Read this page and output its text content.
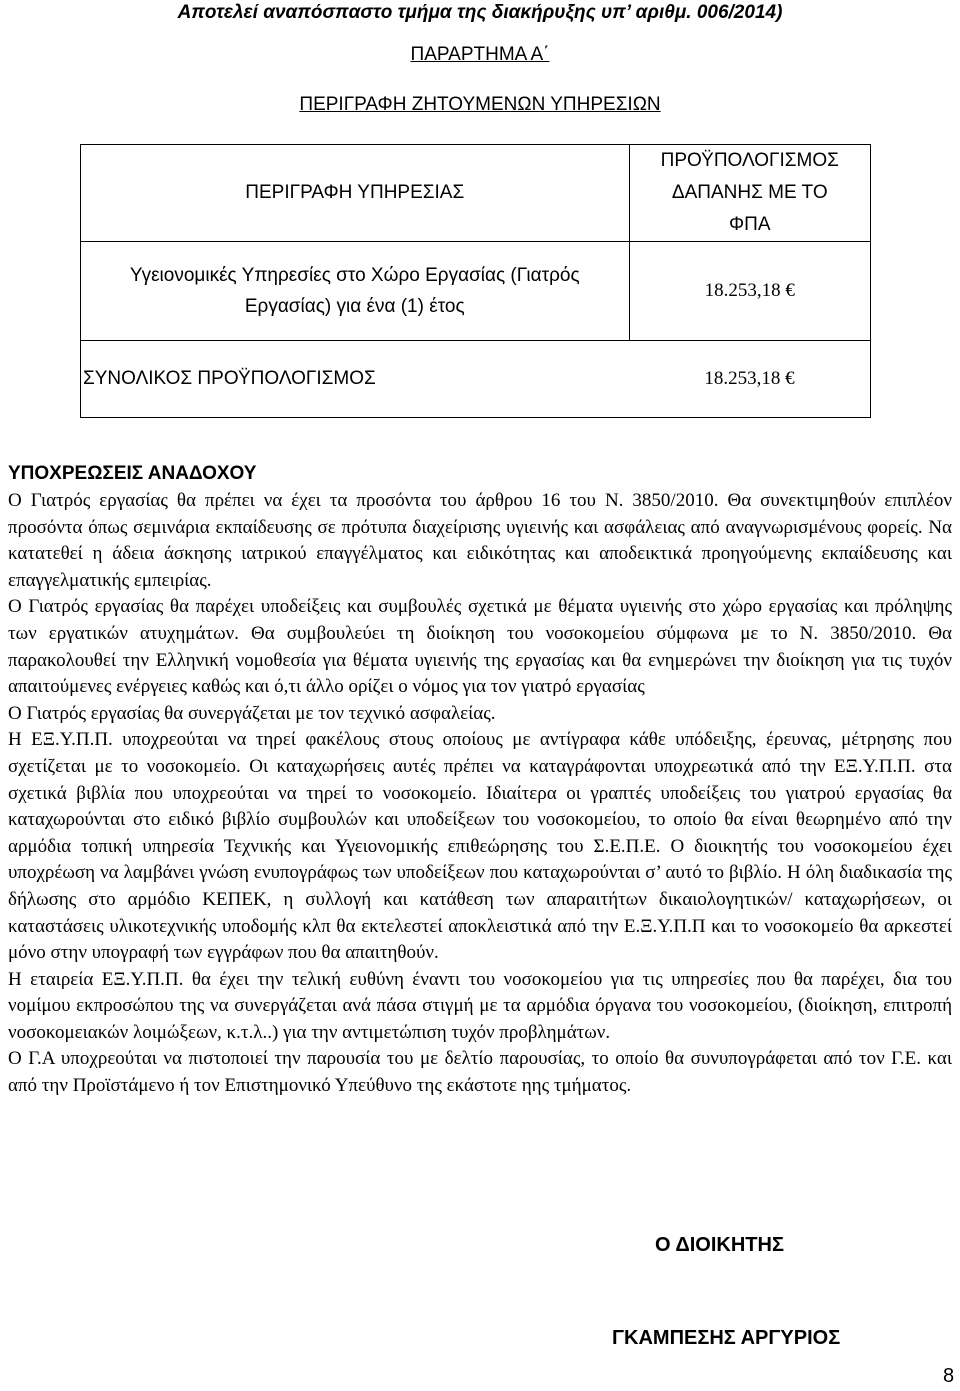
Αποτελεί αναπόσπαστο τμήμα της διακήρυξης υπ’ αριθμ. 006/2014)
ΠΑΡΑΡΤΗΜΑ Α΄
ΠΕΡΙΓΡΑΦΗ ΖΗΤΟΥΜΕΝΩΝ ΥΠΗΡΕΣΙΩΝ
ΠΕΡΙΓΡΑΦΗ ΥΠΗΡΕΣΙΑΣ	ΠΡΟΫΠΟΛΟΓΙΣΜΟΣ
ΔΑΠΑΝΗΣ ΜΕ ΤΟ
ΦΠΑ

Υγειονομικές Υπηρεσίες στο Χώρο Εργασίας (Γιατρός
Εργασίας) για ένα (1) έτος	18.253,18 €
ΣΥΝΟΛΙΚΟΣ ΠΡΟΫΠΟΛΟΓΙΣΜΟΣ	18.253,18 €
ΥΠΟΧΡΕΩΣΕΙΣ ΑΝΑΔΟΧΟΥ

Ο Γιατρός εργασίας θα πρέπει να έχει τα προσόντα του άρθρου 16 του Ν. 3850/2010. Θα συνεκτιμηθούν επιπλέον προσόντα όπως σεμινάρια εκπαίδευσης σε πρότυπα διαχείρισης υγιεινής και ασφάλειας από αναγνωρισμένους φορείς. Να κατατεθεί η άδεια άσκησης ιατρικού επαγγέλματος και ειδικότητας και αποδεικτικά προηγούμενης εκπαίδευσης και επαγγελματικής εμπειρίας.

Ο Γιατρός εργασίας θα παρέχει υποδείξεις και συμβουλές σχετικά με θέματα υγιεινής στο χώρο εργασίας και πρόληψης των εργατικών ατυχημάτων. Θα συμβουλεύει τη διοίκηση του νοσοκομείου σύμφωνα με το Ν. 3850/2010. Θα παρακολουθεί την Ελληνική νομοθεσία για θέματα υγιεινής της εργασίας και θα ενημερώνει την διοίκηση για τις τυχόν απαιτούμενες ενέργειες καθώς και ό,τι άλλο ορίζει ο νόμος για τον γιατρό εργασίας

Ο Γιατρός εργασίας θα συνεργάζεται με τον τεχνικό ασφαλείας.

Η ΕΞ.Υ.Π.Π. υποχρεούται να τηρεί φακέλους στους οποίους με αντίγραφα κάθε υπόδειξης, έρευνας, μέτρησης που σχετίζεται με το νοσοκομείο. Οι καταχωρήσεις αυτές πρέπει να καταγράφονται υποχρεωτικά από την ΕΞ.Υ.Π.Π. στα σχετικά βιβλία που υποχρεούται να τηρεί το νοσοκομείο. Ιδιαίτερα οι γραπτές υποδείξεις του γιατρού εργασίας θα καταχωρούνται στο ειδικό βιβλίο συμβουλών και υποδείξεων του νοσοκομείου, το οποίο θα είναι θεωρημένο από την αρμόδια τοπική υπηρεσία Τεχνικής και Υγειονομικής επιθεώρησης του Σ.Ε.Π.Ε. Ο διοικητής του νοσοκομείου έχει υποχρέωση να λαμβάνει γνώση ενυπογράφως των υποδείξεων που καταχωρούνται σ’ αυτό το βιβλίο. Η όλη διαδικασία της δήλωσης στο αρμόδιο ΚΕΠΕΚ, η συλλογή και κατάθεση των απαραιτήτων δικαιολογητικών/ καταχωρήσεων, οι καταστάσεις υλικοτεχνικής υποδομής κλπ θα εκτελεστεί αποκλειστικά από την Ε.Ξ.Υ.Π.Π και το νοσοκομείο θα αρκεστεί μόνο στην υπογραφή των εγγράφων που θα απαιτηθούν.

Η εταιρεία ΕΞ.Υ.Π.Π. θα έχει την τελική ευθύνη έναντι του νοσοκομείου για τις υπηρεσίες που θα παρέχει, δια του νομίμου εκπροσώπου της να συνεργάζεται ανά πάσα στιγμή με τα αρμόδια όργανα του νοσοκομείου, (διοίκηση, επιτροπή νοσοκομειακών λοιμώξεων, κ.τ.λ..) για την αντιμετώπιση τυχόν προβλημάτων.

Ο Γ.Α υποχρεούται να πιστοποιεί την παρουσία του με δελτίο παρουσίας, το οποίο θα συνυπογράφεται από τον Γ.Ε. και από την Προϊστάμενο ή τον Επιστημονικό Υπεύθυνο της εκάστοτε ηης τμήματος.

Ο ΔΙΟΙΚΗΤΗΣ
ΓΚΑΜΠΕΣΗΣ ΑΡΓΥΡΙΟΣ
8
